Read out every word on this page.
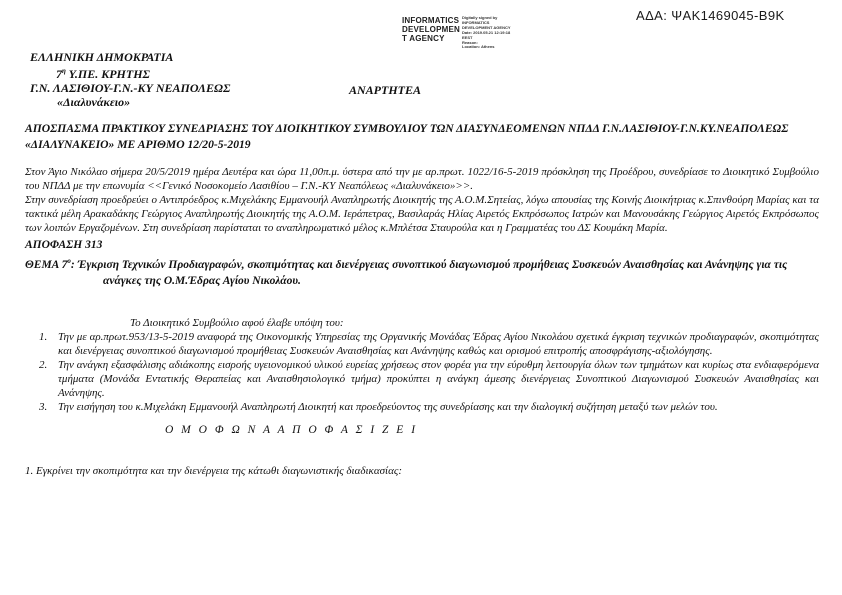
INFORMATICS
DEVELOPMEN
T AGENCY
Digitally signed by
INFORMATICS
DEVELOPMENT AGENCY
Date: 2019.05.21 12:19:18
EEST
Reason:
Location: Athens
ΑΔΑ: ΨΑΚ1469045-Β9Κ
ΕΛΛΗΝΙΚΗ ΔΗΜΟΚΡΑΤΙΑ
$7^\eta$ Υ.ΠΕ. ΚΡΗΤΗΣ
Γ.Ν. ΛΑΣΙΘΙΟΥ-Γ.Ν.-ΚΥ ΝΕΑΠΟΛΕΩΣ
«Διαλυνάκειο»
ΑΝΑΡΤΗΤΕΑ
ΑΠΟΣΠΑΣΜΑ ΠΡΑΚΤΙΚΟΥ ΣΥΝΕΔΡΙΑΣΗΣ ΤΟΥ ΔΙΟΙΚΗΤΙΚΟΥ ΣΥΜΒΟΥΛΙΟΥ ΤΩΝ ΔΙΑΣΥΝΔΕΟΜΕΝΩΝ ΝΠΔΔ Γ.Ν.ΛΑΣΙΘΙΟΥ-Γ.Ν.ΚΥ.ΝΕΑΠΟΛΕΩΣ «ΔΙΑΛΥΝΑΚΕΙΟ» ΜΕ ΑΡΙΘΜΟ 12/20-5-2019
Στον Άγιο Νικόλαο σήμερα 20/5/2019 ημέρα Δευτέρα και ώρα 11,00π.μ. ύστερα από την με αρ.πρωτ. 1022/16-5-2019 πρόσκληση της Προέδρου, συνεδρίασε το Διοικητικό Συμβούλιο του ΝΠΔΔ με την επωνυμία <<Γενικό Νοσοκομείο Λασιθίου – Γ.Ν.-ΚΥ Νεαπόλεως «Διαλυνάκειο»>>.
Στην συνεδρίαση προεδρεύει ο Αντιπρόεδρος κ.Μιχελάκης Εμμανουήλ Αναπληρωτής Διοικητής της Α.Ο.Μ.Σητείας, λόγω απουσίας της Κοινής Διοικήτριας κ.Σπινθούρη Μαρίας και τα τακτικά μέλη Αρακαδάκης Γεώργιος Αναπληρωτής Διοικητής της Α.Ο.Μ. Ιεράπετρας, Βασιλαράς Ηλίας Αιρετός Εκπρόσωπος Ιατρών και Μανουσάκης Γεώργιος Αιρετός Εκπρόσωπος των λοιπών Εργαζομένων. Στη συνεδρίαση παρίσταται το αναπληρωματικό μέλος κ.Μπλέτσα Σταυρούλα και η Γραμματέας του ΔΣ Κουμάκη Μαρία.
ΑΠΟΦΑΣΗ 313
ΘΕΜΑ $7^o$: Έγκριση Τεχνικών Προδιαγραφών, σκοπιμότητας και διενέργειας συνοπτικού διαγωνισμού προμήθειας Συσκευών Αναισθησίας και Ανάνηψης για τις ανάγκες της Ο.Μ.Έδρας Αγίου Νικολάου.
Το Διοικητικό Συμβούλιο αφού έλαβε υπόψη του:
1. Την με αρ.πρωτ.953/13-5-2019 αναφορά της Οικονομικής Υπηρεσίας της Οργανικής Μονάδας Έδρας Αγίου Νικολάου σχετικά έγκριση τεχνικών προδιαγραφών, σκοπιμότητας και διενέργειας συνοπτικού διαγωνισμού προμήθειας Συσκευών Αναισθησίας και Ανάνηψης καθώς και ορισμού επιτροπής αποσφράγισης-αξιολόγησης.
2. Την ανάγκη εξασφάλισης αδιάκοπης εισροής υγειονομικού υλικού ευρείας χρήσεως στον φορέα για την εύρυθμη λειτουργία όλων των τμημάτων και κυρίως στα ενδιαφερόμενα τμήματα (Μονάδα Εντατικής Θεραπείας και Αναισθησιολογικό τμήμα) προκύπτει η ανάγκη άμεσης διενέργειας Συνοπτικού Διαγωνισμού Συσκευών Αναισθησίας και Ανάνηψης.
3. Την εισήγηση του κ.Μιχελάκη Εμμανουήλ Αναπληρωτή Διοικητή και προεδρεύοντος της συνεδρίασης και την διαλογική συζήτηση μεταξύ των μελών του.
Ο Μ Ο Φ Ω Ν Α Α Π Ο Φ Α Σ Ι Ζ Ε Ι
1. Εγκρίνει την σκοπιμότητα και την διενέργεια της κάτωθι διαγωνιστικής διαδικασίας:
